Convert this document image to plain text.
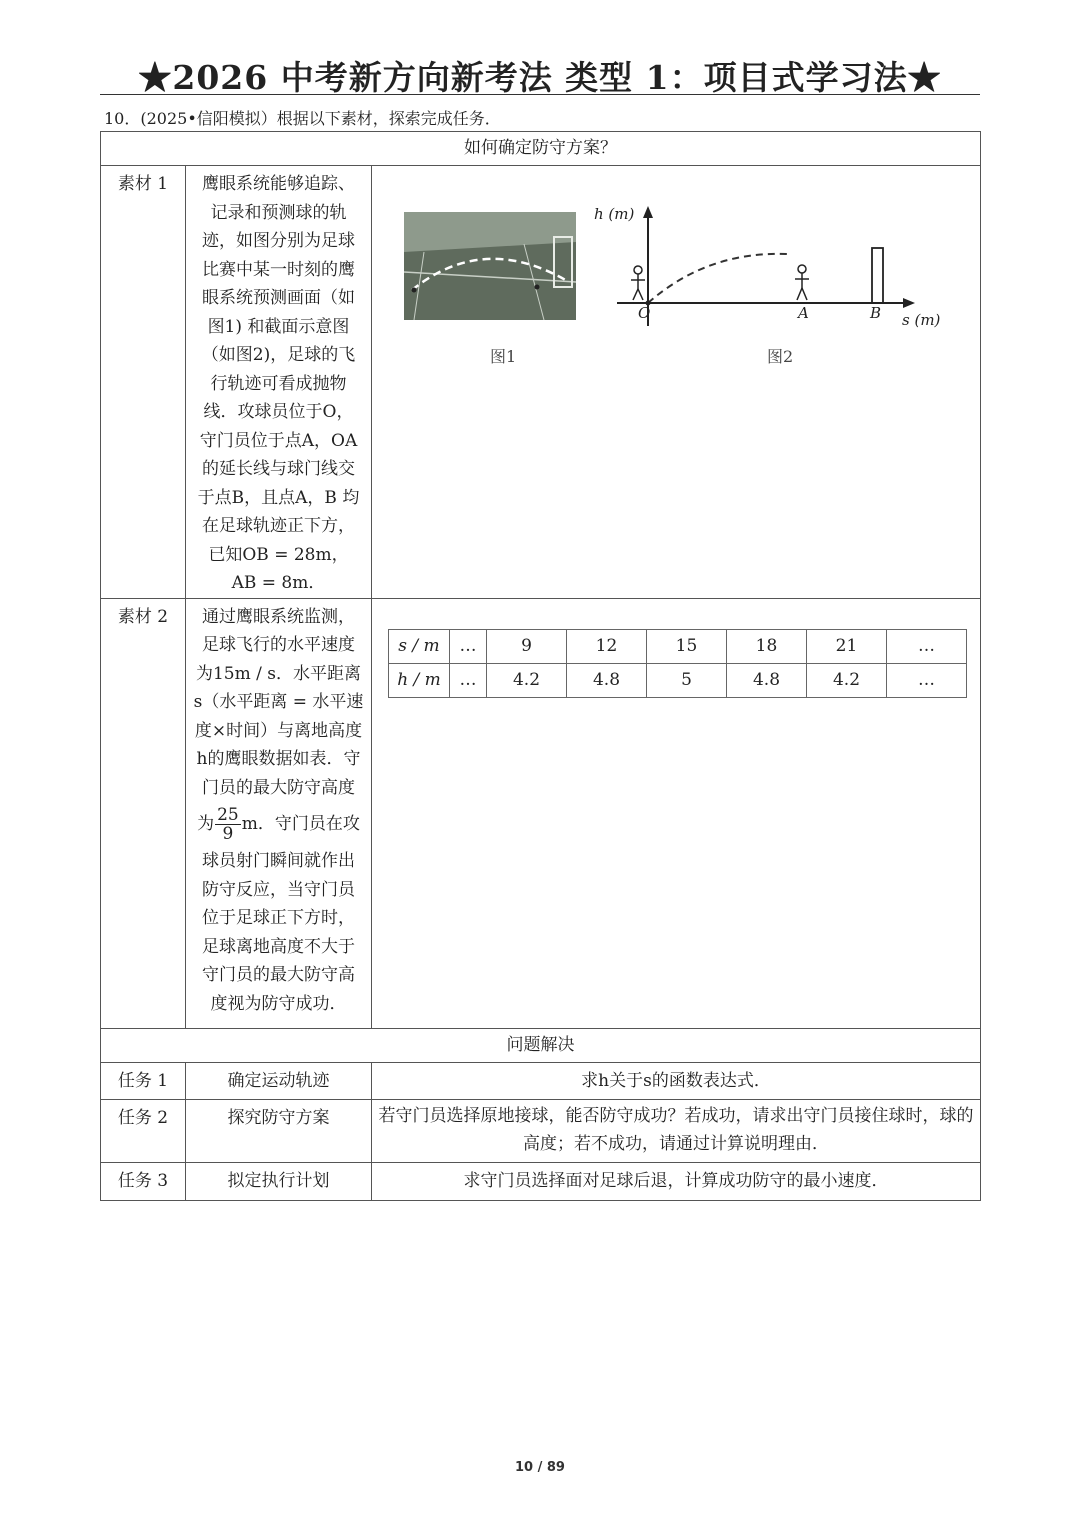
★2026 中考新方向新考法 类型 1：项目式学习法★
10．(2025•信阳模拟）根据以下素材，探索完成任务．
如何确定防守方案？
素材 1	鹰眼系统能够追踪、
记录和预测球的轨
迹，如图分别为足球
比赛中某一时刻的鹰
眼系统预测画面（如
图1) 和截面示意图
（如图2)，足球的飞
行轨迹可看成抛物
线．攻球员位于O，
守门员位于点A，OA
的延长线与球门线交
于点B，且点A，B 均
在足球轨迹正下方，
已知OB = 28m，
AB = 8m．

图1
h (m)
s (m)
O	A	B
图2

素材 2	通过鹰眼系统监测，
足球飞行的水平速度
为15m / s．水平距离
s（水平距离 = 水平速
度×时间）与离地高度
h的鹰眼数据如表．守
门员的最大防守高度
为 $\frac{25}{9}$ m．守门员在攻
球员射门瞬间就作出
防守反应，当守门员
位于足球正下方时，
足球离地高度不大于
守门员的最大防守高
度视为防守成功．

s / m	…	9	12	15	18	21	…
h / m	…	4.2	4.8	5	4.8	4.2	…

问题解决
任务 1	确定运动轨迹	求h关于s的函数表达式．
任务 2	探究防守方案	若守门员选择原地接球，能否防守成功？若成功，请求出守门员接住球时，球的高度；若不成功，请通过计算说明理由．
任务 3	拟定执行计划	求守门员选择面对足球后退，计算成功防守的最小速度．
10 / 89
